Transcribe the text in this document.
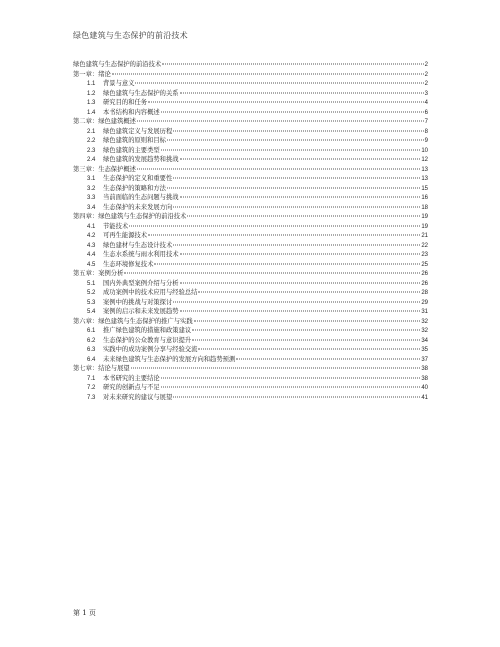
绿色建筑与生态保护的前沿技术
绿色建筑与生态保护的前沿技术	2
第一章：绪论	2
1.1	背景与意义	2
1.2	绿色建筑与生态保护的关系	3
1.3	研究目的和任务	4
1.4	本书结构和内容概述	6
第二章：绿色建筑概述	7
2.1	绿色建筑定义与发展历程	8
2.2	绿色建筑的原则和目标	9
2.3	绿色建筑的主要类型	10
2.4	绿色建筑的发展趋势和挑战	12
第三章：生态保护概述	13
3.1	生态保护的定义和重要性	13
3.2	生态保护的策略和方法	15
3.3	当前面临的生态问题与挑战	16
3.4	生态保护的未来发展方向	18
第四章：绿色建筑与生态保护的前沿技术	19
4.1	节能技术	19
4.2	可再生能源技术	21
4.3	绿色建材与生态设计技术	22
4.4	生态水系统与雨水利用技术	23
4.5	生态环境修复技术	25
第五章：案例分析	26
5.1	国内外典型案例介绍与分析	26
5.2	成功案例中的技术应用与经验总结	28
5.3	案例中的挑战与对策探讨	29
5.4	案例的启示和未来发展趋势	31
第六章：绿色建筑与生态保护的推广与实践	32
6.1	推广绿色建筑的措施和政策建议	32
6.2	生态保护的公众教育与意识提升	34
6.3	实践中的成功案例分享与经验交流	35
6.4	未来绿色建筑与生态保护的发展方向和趋势预测	37
第七章：结论与展望	38
7.1	本书研究的主要结论	38
7.2	研究的创新点与不足	40
7.3	对未来研究的建议与展望	41
第 1 页
